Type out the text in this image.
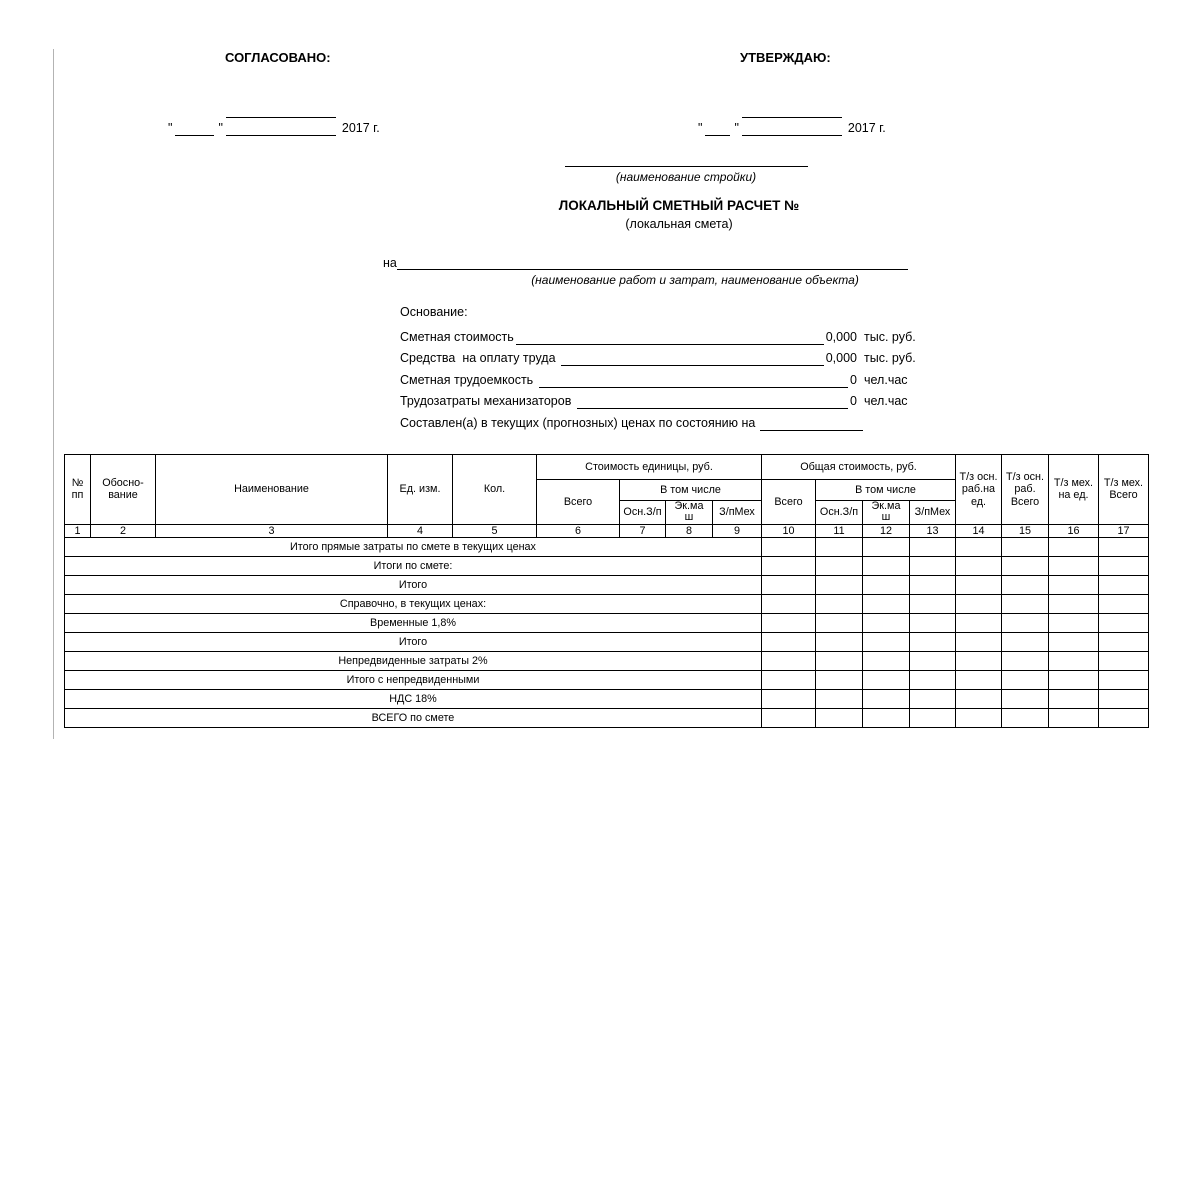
СОГЛАСОВАНО:	УТВЕРЖДАЮ:
"	"	2017 г.	"	"	2017 г.
(наименование стройки)
ЛОКАЛЬНЫЙ СМЕТНЫЙ РАСЧЕТ №
(локальная смета)
на
(наименование работ и затрат, наименование объекта)
Основание:
Сметная стоимость	0,000 тыс. руб.
Средства  на оплату труда	0,000 тыс. руб.
Сметная трудоемкость	0 чел.час
Трудозатраты механизаторов	0 чел.час
Составлен(а) в текущих (прогнозных) ценах по состоянию на
№ пп	Обосно-вание	Наименование	Ед. изм.	Кол.	Стоимость единицы, руб.				Общая стоимость, руб.				Т/з осн. раб.на ед.	Т/з осн. раб. Всего	Т/з мех. на ед.	Т/з мех. Всего
					Всего	В том числе			Всего	В том числе						
						Осн.З/п	Эк.маш	З/пМех		Осн.З/п	Эк.маш	З/пМех				
1	2	3	4	5	6	7	8	9	10	11	12	13	14	15	16	17
Итого прямые затраты по смете в текущих ценах																
Итоги по смете:																
Итого																
Справочно, в текущих ценах:																
Временные 1,8%																
Итого																
Непредвиденные затраты 2%																
Итого с непредвиденными																
НДС 18%																
ВСЕГО по смете																
